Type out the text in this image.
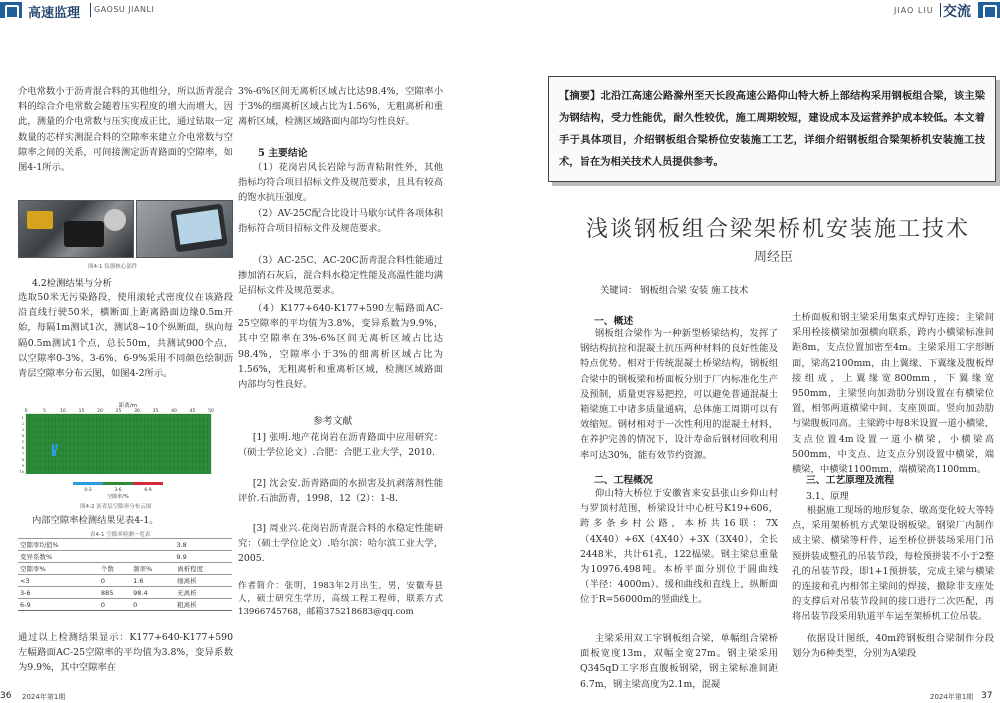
高速监理 GAOSU JIANLI	JIAO LIU 交流

介电常数小于沥青混合料的其他组分，所以沥青混合料的综合介电常数会随着压实程度的增大而增大，因此，测量的介电常数与压实度成正比，通过钻取一定数量的芯样实测混合料的空隙率来建立介电常数与空隙率之间的关系，可间接测定沥青路面的空隙率，如图4-1所示。

图4-1 仪器核心部件
4.2检测结果与分析

选取50米无污染路段，使用滚轮式密度仪在该路段沿直线行驶50米，横断面上距离路面边缘0.5m开始，每隔1m测试1次，测试8~10个纵断面，纵向每隔0.5m测试1个点，总长50m，共测试900个点，以空隙率0-3%、3-6%、6-9%采用不同颜色绘制沥青层空隙率分布云图，如图4-2所示。

距离/m
0	5	10	15	20	25	30	35	40	45	50
1
2
3
4
5
6
7
8
9
10
0-3	3-6	6-9
空隙率/%
图4-2 沥青层空隙率分布云图

内部空隙率检测结果见表4-1。

表4-1 空隙率检测一览表
空隙率均值%		3.8	
变异系数%		9.9	
空隙率%	个数	频率%	离析程度
<3	0	1.6	细离析
3-6	885	98.4	无离析
6-9	0	0	粗离析

通过以上检测结果显示：K177+640-K177+590左幅路面AC-25空隙率的平均值为3.8%，变异系数为9.9%，其中空隙率在

3%-6%区间无离析区域占比达98.4%，空隙率小于3%的细离析区域占比为1.56%，无粗离析和重离析区域，检测区域路面内部均匀性良好。

5 主要结论

（1）花岗岩风长岩除与沥青粘附性外，其他指标均符合项目招标文件及规范要求，且具有较高的饱水抗压强度。

（2）AV-25C配合比设计马歇尔试件各项体积指标符合项目招标文件及规范要求。

（3）AC-25C、AC-20C沥青混合料性能通过掺加消石灰后，混合料水稳定性能及高温性能均满足招标文件及规范要求。

（4）K177+640-K177+590左幅路面AC-25空隙率的平均值为3.8%，变异系数为9.9%，其中空隙率在3%-6%区间无离析区域占比达98.4%，空隙率小于3%的细离析区域占比为1.56%，无粗离析和重离析区域，检测区域路面内部均匀性良好。

参考文献

[1] 张明.地产花岗岩在沥青路面中应用研究：（硕士学位论文）.合肥：合肥工业大学，2010.

[2] 沈会安.沥青路面的水损害及抗剥落剂性能评价.石油沥青，1998，12（2）：1-8.

[3] 周业兴.花岗岩沥青混合料的水稳定性能研究：（硕士学位论文）.哈尔滨：哈尔滨工业大学，2005.

作者简介：张明，1983年2月出生，男，安徽寿县人，硕士研究生学历，高级工程工程师，联系方式13966745768，邮箱375218683@qq.com

36 2024年第1期

【摘要】北沿江高速公路滁州至天长段高速公路仰山特大桥上部结构采用钢板组合梁，该主梁为钢结构，受力性能优，耐久性较优，施工周期较短，建设成本及运营养护成本较低。本文着手于具体项目，介绍钢板组合梁桥位安装施工工艺，详细介绍钢板组合梁架桥机安装施工技术，旨在为相关技术人员提供参考。

浅谈钢板组合梁架桥机安装施工技术
周经臣
关键词： 钢板组合梁 安装 施工技术
一、概述

钢板组合梁作为一种新型桥梁结构，发挥了钢结构抗拉和混凝土抗压两种材料的良好性能及特点优势。相对于传统混凝土桥梁结构，钢板组合梁中的钢板梁和桥面板分别于厂内标准化生产及预制，质量更容易把控，可以避免普通混凝土箱梁施工中诸多质量通病，总体施工周期可以有效缩短。钢材相对于一次性利用的混凝土材料，在养护完善的情况下，设计寿命后钢材回收利用率可达30%，能有效节约资源。

二、工程概况

仰山特大桥位于安徽省来安县张山乡仰山村与罗顶村范围，桥梁设计中心桩号K19+606，跨多条乡村公路，本桥共16联：7X（4X40）+6X（4X40）+3X（3X40），全长2448米，共计61孔，122榀梁。钢主梁总重量为10976.498吨。本桥平面分别位于圆曲线（半径：4000m）、缓和曲线和直线上，纵断面位于R=56000m的竖曲线上。

主梁采用双工字钢板组合梁，单幅组合梁桥面板宽度13m，双幅全宽27m。钢主梁采用Q345qD工字形直腹板钢梁，钢主梁标准间距6.7m，钢主梁高度为2.1m，混凝

土桥面板和钢主梁采用集束式焊钉连接；主梁间采用栓接横梁加强横向联系，跨内小横梁标准间距8m，支点位置加密至4m。主梁采用工字形断面，梁高2100mm，由上翼缘、下翼缘及腹板焊接组成，上翼缘宽800mm，下翼缘宽 950mm，主梁竖向加劲肋分别设置在有横梁位置，相邻两道横梁中间、支座顶面。竖向加劲肋与梁腹板同高。主梁跨中每8米设置一道小横梁，支点位置4m设置一道小横梁，小横梁高500mm，中支点、边支点分别设置中横梁，端横梁，中横梁1100mm，端横梁高1100mm。

三、工艺原理及流程
3.1、原理

根据施工现场的地形复杂、墩高变化较大等特点，采用架桥机方式架设钢板梁。钢梁厂内制作成主梁、横梁等杆件，运至桥位拼装场采用门吊预拼装成整孔的吊装节段，每检预拼装不小于2整孔的吊装节段，即1+1预拼装，完成主梁与横梁的连接和孔内相邻主梁间的焊接，撤除非支座处的支撑后对吊装节段间的接口进行二次匹配，再将吊装节段采用轨道平车运至架桥机工位吊装。

依据设计图纸，40m跨钢板组合梁制作分段划分为6种类型，分别为A梁段

2024年第1期 37
